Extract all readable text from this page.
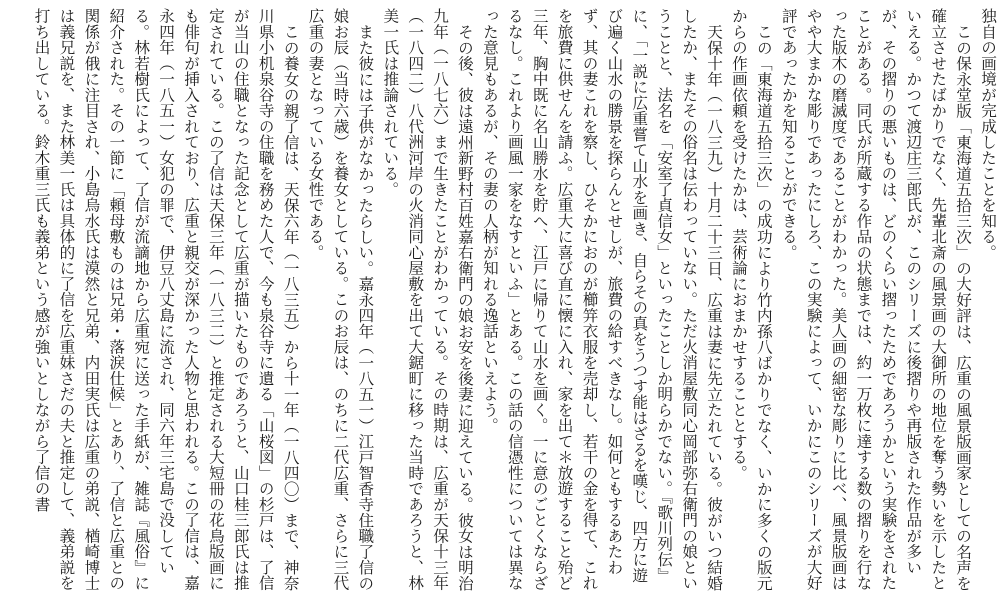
独自の画境が完成したことを知る。

この保永堂版「東海道五拾三次」の大好評は、広重の風景版画家としての名声を確立させたばかりでなく、先輩北斎の風景画の大御所の地位を奪う勢いを示したといえる。かつて渡辺庄三郎氏が、このシリーズに後摺りや再版された作品が多いが、その摺りの悪いものは、どのくらい摺ったためであろうかという実験をされたことがある。同氏が所蔵する作品の状態までは、約一万枚に達する数の摺りを行なった版木の磨滅度であることがわかった。美人画の細密な彫りに比べ、風景版画はやや大まかな彫りであったにしろ、この実験によって、いかにこのシリーズが大好評であったかを知ることができる。

この「東海道五拾三次」の成功により竹内孫八ばかりでなく、いかに多くの版元からの作画依頼を受けたかは、芸術論におまかせすることとする。

天保十年（一八三九）十月二十三日、広重は妻に先立たれている。彼がいつ結婚したか、またその俗名は伝わっていない。ただ火消屋敷同心岡部弥右衛門の娘ということと、法名を「安室了貞信女」といったことしか明らかでない。『歌川列伝』に、「一説に広重嘗て山水を画き、自らその真をうつす能はざるを嘆じ、四方に遊び遍く山水の勝景を探らんとせしが、旅費の給すべきなし。如何ともするあたわず、其の妻これを察し、ひそかにおのが櫛笄衣服を売却し、若干の金を得て、これを旅費に供せんを請ふ。広重大に喜び直に懐に入れ、家を出て＊放遊すること殆ど三年、胸中既に名山勝水を貯へ、江戸に帰りて山水を画く。一に意のごとくならざるなし。これより画風一家をなすといふ」とある。この話の信憑性については異なった意見もあるが、その妻の人柄が知れる逸話といえよう。

その後、彼は遠州新野村百姓嘉右衛門の娘お安を後妻に迎えている。彼女は明治九年（一八七六）まで生きたことがわかっている。その時期は、広重が天保十三年（一八四二）八代洲河岸の火消同心屋敷を出て大鋸町に移った当時であろうと、林美一氏は推論されている。

また彼には子供がなかったらしい。嘉永四年（一八五一）江戸智香寺住職了信の娘お辰（当時六歳）を養女としている。このお辰は、のちに二代広重、さらに三代広重の妻となっている女性である。

この養女の親了信は、天保六年（一八三五）から十一年（一八四〇）まで、神奈川県小机泉谷寺の住職を務めた人で、今も泉谷寺に遺る「山桜図」の杉戸は、了信が当山の住職となった記念として広重が描いたものであろうと、山口桂三郎氏は推定されている。この了信は天保三年（一八三二）と推定される大短冊の花鳥版画にも俳句が挿入されており、広重と親交が深かった人物と思われる。この了信は、嘉永四年（一八五一）女犯の罪で、伊豆八丈島に流され、同六年三宅島で没している。林若樹氏によって、了信が流謫地から広重宛に送った手紙が、雑誌『風俗』に紹介された。その一節に「頼母敷ものは兄弟・落涙仕候」とあり、了信と広重との関係が俄に注目され、小島烏水氏は漠然と兄弟、内田実氏は広重の弟説、楢崎博士は義兄説を、また林美一氏は具体的に了信を広重妹さだの夫と推定して、義弟説を打ち出している。鈴木重三氏も義弟という感が強いとしながら了信の書
